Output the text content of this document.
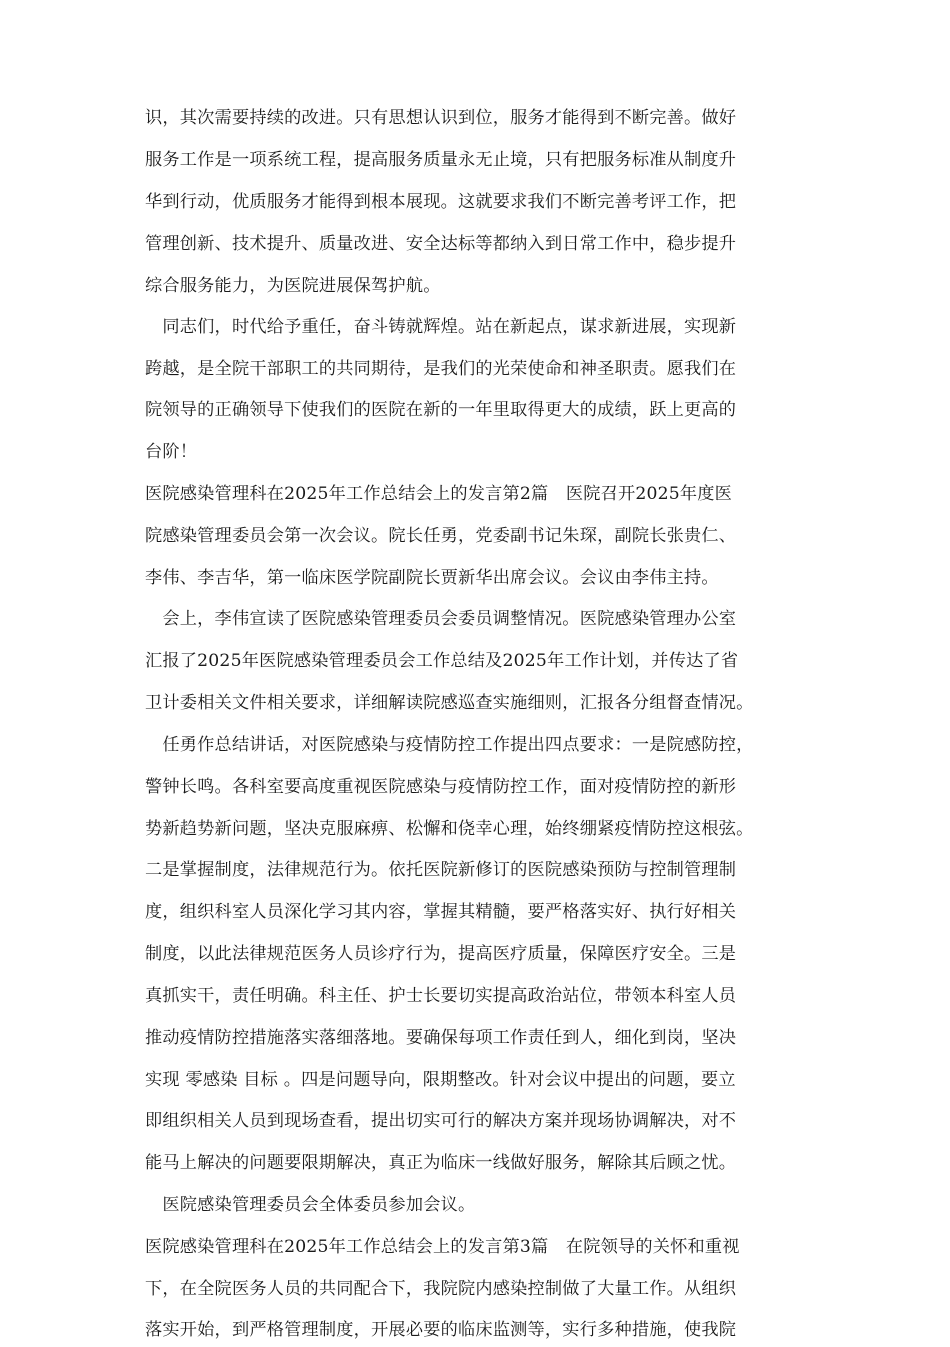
识，其次需要持续的改进。只有思想认识到位，服务才能得到不断完善。做好
服务工作是一项系统工程，提高服务质量永无止境，只有把服务标准从制度升
华到行动，优质服务才能得到根本展现。这就要求我们不断完善考评工作，把
管理创新、技术提升、质量改进、安全达标等都纳入到日常工作中，稳步提升
综合服务能力，为医院进展保驾护航。
　同志们，时代给予重任，奋斗铸就辉煌。站在新起点，谋求新进展，实现新
跨越，是全院干部职工的共同期待，是我们的光荣使命和神圣职责。愿我们在
院领导的正确领导下使我们的医院在新的一年里取得更大的成绩，跃上更高的
台阶！
医院感染管理科在2025年工作总结会上的发言第2篇　医院召开2025年度医
院感染管理委员会第一次会议。院长任勇，党委副书记朱琛，副院长张贵仁、
李伟、李吉华，第一临床医学院副院长贾新华出席会议。会议由李伟主持。
　会上，李伟宣读了医院感染管理委员会委员调整情况。医院感染管理办公室
汇报了2025年医院感染管理委员会工作总结及2025年工作计划，并传达了省
卫计委相关文件相关要求，详细解读院感巡查实施细则，汇报各分组督查情况。
　任勇作总结讲话，对医院感染与疫情防控工作提出四点要求：一是院感防控，
警钟长鸣。各科室要高度重视医院感染与疫情防控工作，面对疫情防控的新形
势新趋势新问题，坚决克服麻痹、松懈和侥幸心理，始终绷紧疫情防控这根弦。
二是掌握制度，法律规范行为。依托医院新修订的医院感染预防与控制管理制
度，组织科室人员深化学习其内容，掌握其精髓，要严格落实好、执行好相关
制度，以此法律规范医务人员诊疗行为，提高医疗质量，保障医疗安全。三是
真抓实干，责任明确。科主任、护士长要切实提高政治站位，带领本科室人员
推动疫情防控措施落实落细落地。要确保每项工作责任到人，细化到岗，坚决
实现 零感染 目标 。四是问题导向，限期整改。针对会议中提出的问题，要立
即组织相关人员到现场查看，提出切实可行的解决方案并现场协调解决，对不
能马上解决的问题要限期解决，真正为临床一线做好服务，解除其后顾之忧。
　医院感染管理委员会全体委员参加会议。
医院感染管理科在2025年工作总结会上的发言第3篇　在院领导的关怀和重视
下，在全院医务人员的共同配合下，我院院内感染控制做了大量工作。从组织
落实开始，到严格管理制度，开展必要的临床监测等，实行多种措施，使我院
